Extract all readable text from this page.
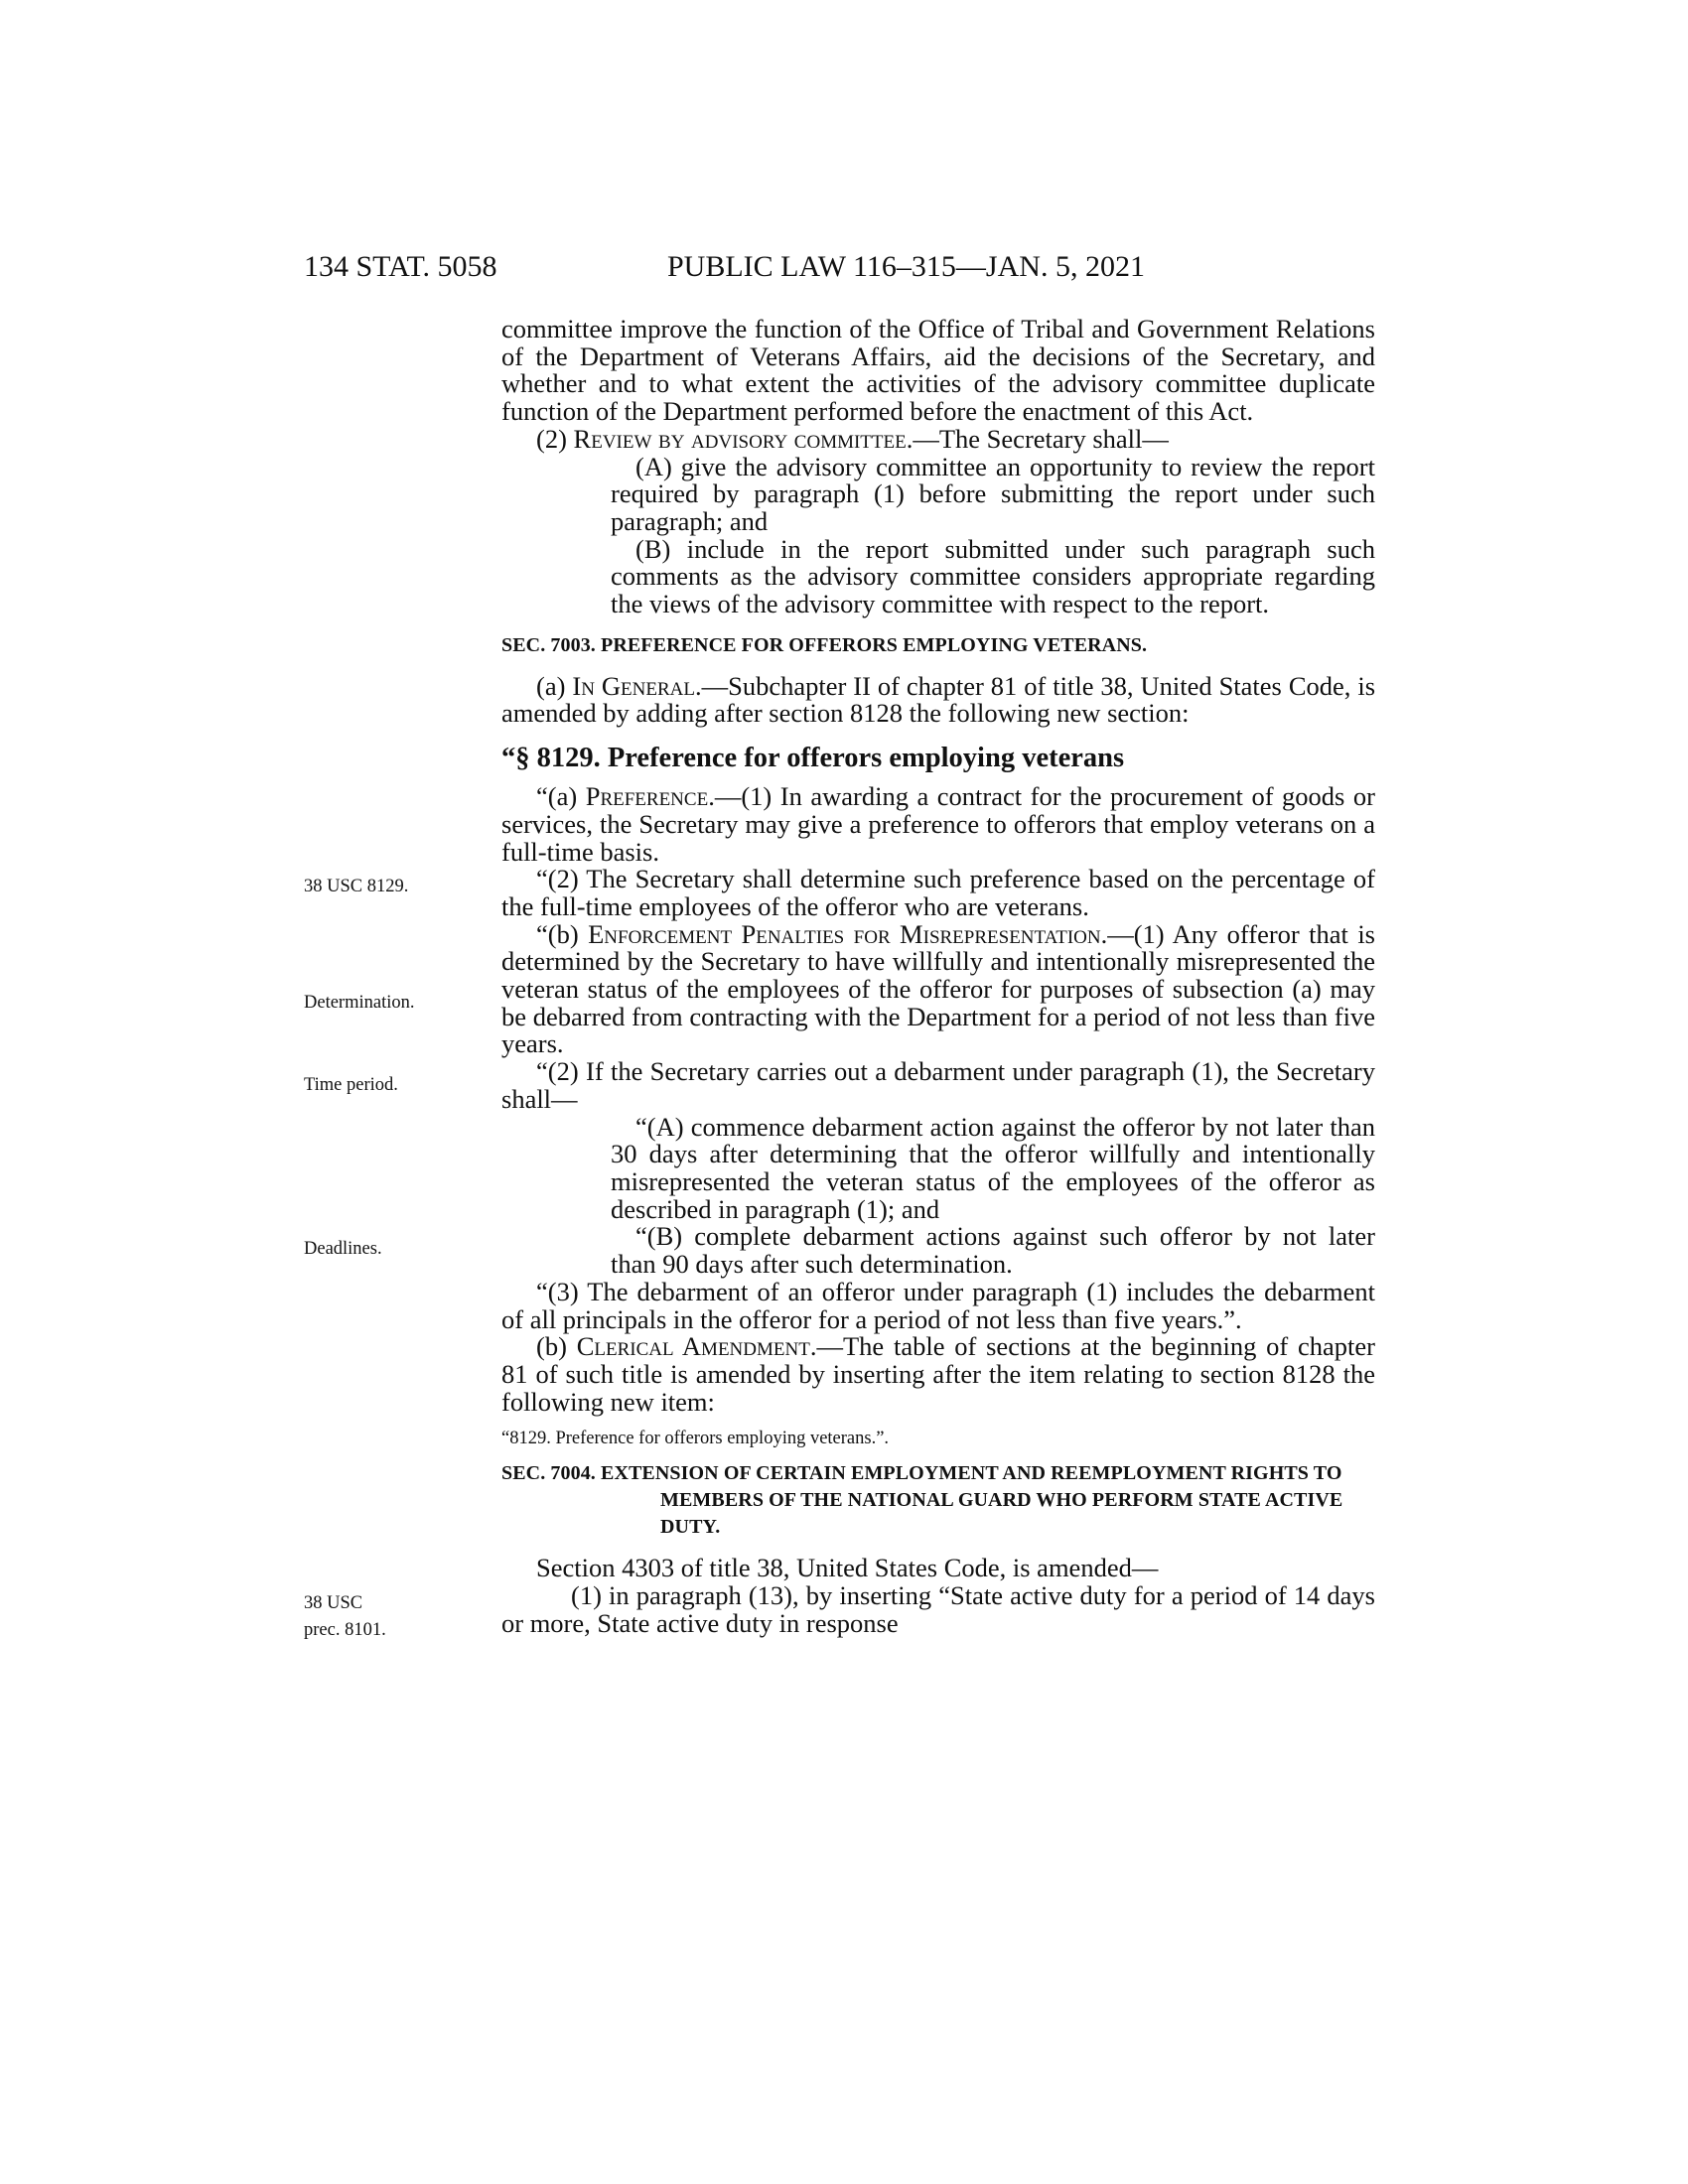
134 STAT. 5058	PUBLIC LAW 116–315—JAN. 5, 2021
38 USC 8129.
Determination.
Time period.
Deadlines.
38 USC
prec. 8101.

committee improve the function of the Office of Tribal and Government Relations of the Department of Veterans Affairs, aid the decisions of the Secretary, and whether and to what extent the activities of the advisory committee duplicate function of the Department performed before the enactment of this Act.

(2) Review by advisory committee.—The Secretary shall—

(A) give the advisory committee an opportunity to review the report required by paragraph (1) before submitting the report under such paragraph; and

(B) include in the report submitted under such paragraph such comments as the advisory committee considers appropriate regarding the views of the advisory committee with respect to the report.

SEC. 7003. PREFERENCE FOR OFFERORS EMPLOYING VETERANS.

(a) In General.—Subchapter II of chapter 81 of title 38, United States Code, is amended by adding after section 8128 the following new section:

“§ 8129. Preference for offerors employing veterans

“(a) Preference.—(1) In awarding a contract for the procurement of goods or services, the Secretary may give a preference to offerors that employ veterans on a full-time basis.

“(2) The Secretary shall determine such preference based on the percentage of the full-time employees of the offeror who are veterans.

“(b) Enforcement Penalties for Misrepresentation.—(1) Any offeror that is determined by the Secretary to have willfully and intentionally misrepresented the veteran status of the employees of the offeror for purposes of subsection (a) may be debarred from contracting with the Department for a period of not less than five years.

“(2) If the Secretary carries out a debarment under paragraph (1), the Secretary shall—

“(A) commence debarment action against the offeror by not later than 30 days after determining that the offeror willfully and intentionally misrepresented the veteran status of the employees of the offeror as described in paragraph (1); and

“(B) complete debarment actions against such offeror by not later than 90 days after such determination.

“(3) The debarment of an offeror under paragraph (1) includes the debarment of all principals in the offeror for a period of not less than five years.”.

(b) Clerical Amendment.—The table of sections at the beginning of chapter 81 of such title is amended by inserting after the item relating to section 8128 the following new item:

“8129. Preference for offerors employing veterans.”.

SEC. 7004. EXTENSION OF CERTAIN EMPLOYMENT AND REEMPLOYMENT RIGHTS TO MEMBERS OF THE NATIONAL GUARD WHO PERFORM STATE ACTIVE DUTY.

Section 4303 of title 38, United States Code, is amended—

(1) in paragraph (13), by inserting “State active duty for a period of 14 days or more, State active duty in response
